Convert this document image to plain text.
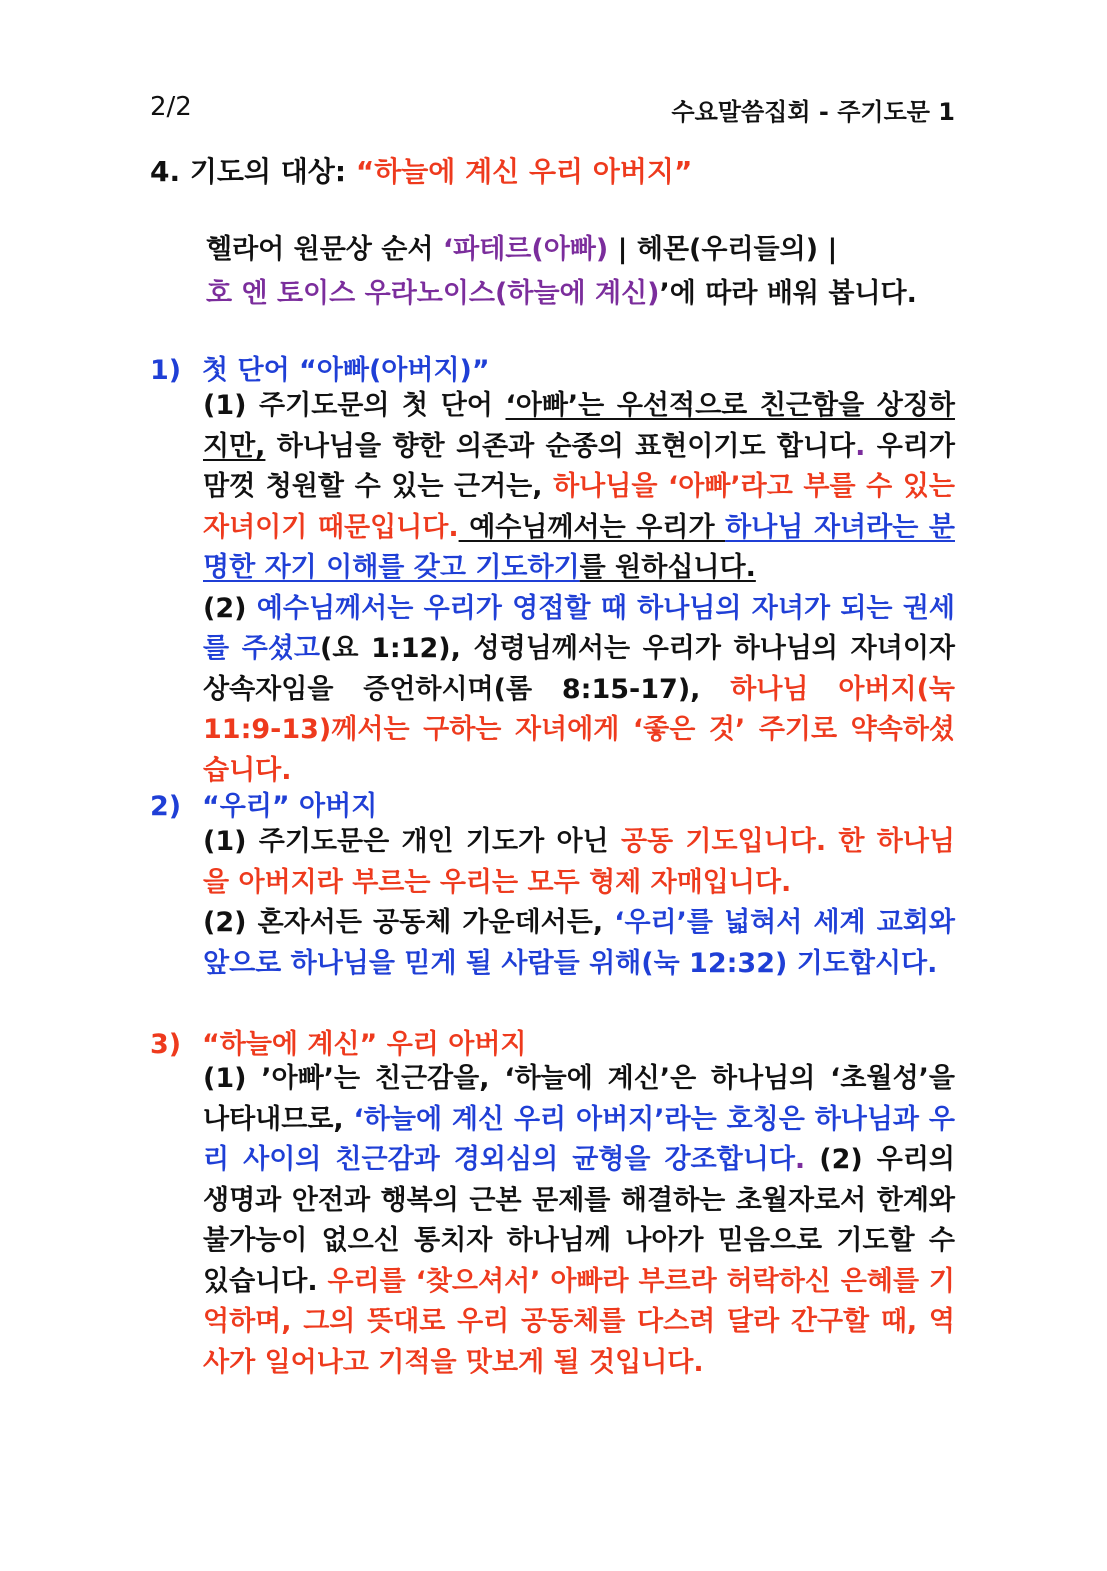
2/2	수요말씀집회 - 주기도문 1
4. 기도의 대상: “하늘에 계신 우리 아버지”
헬라어 원문상 순서 ‘파테르(아빠) | 헤몬(우리들의) |
호 엔 토이스 우라노이스(하늘에 계신)’에 따라 배워 봅니다.
1) 첫 단어 “아빠(아버지)”
(1) 주기도문의 첫 단어 ‘아빠’는 우선적으로 친근함을 상징하지만, 하나님을 향한 의존과 순종의 표현이기도 합니다. 우리가 맘껏 청원할 수 있는 근거는, 하나님을 ‘아빠’라고 부를 수 있는 자녀이기 때문입니다. 예수님께서는 우리가 하나님 자녀라는 분명한 자기 이해를 갖고 기도하기를 원하십니다.
(2) 예수님께서는 우리가 영접할 때 하나님의 자녀가 되는 권세를 주셨고(요 1:12), 성령님께서는 우리가 하나님의 자녀이자 상속자임을 증언하시며(롬 8:15-17), 하나님 아버지(눅 11:9-13)께서는 구하는 자녀에게 ‘좋은 것’ 주기로 약속하셨습니다.
2) “우리” 아버지
(1) 주기도문은 개인 기도가 아닌 공동 기도입니다. 한 하나님을 아버지라 부르는 우리는 모두 형제 자매입니다.
(2) 혼자서든 공동체 가운데서든, ‘우리’를 넓혀서 세계 교회와 앞으로 하나님을 믿게 될 사람들 위해(눅 12:32) 기도합시다.
3) “하늘에 계신” 우리 아버지
(1) ’아빠’는 친근감을, ‘하늘에 계신’은 하나님의 ‘초월성’을 나타내므로, ‘하늘에 계신 우리 아버지’라는 호칭은 하나님과 우리 사이의 친근감과 경외심의 균형을 강조합니다. (2) 우리의 생명과 안전과 행복의 근본 문제를 해결하는 초월자로서 한계와 불가능이 없으신 통치자 하나님께 나아가 믿음으로 기도할 수 있습니다. 우리를 ‘찾으셔서’ 아빠라 부르라 허락하신 은혜를 기억하며, 그의 뜻대로 우리 공동체를 다스려 달라 간구할 때, 역사가 일어나고 기적을 맛보게 될 것입니다.
